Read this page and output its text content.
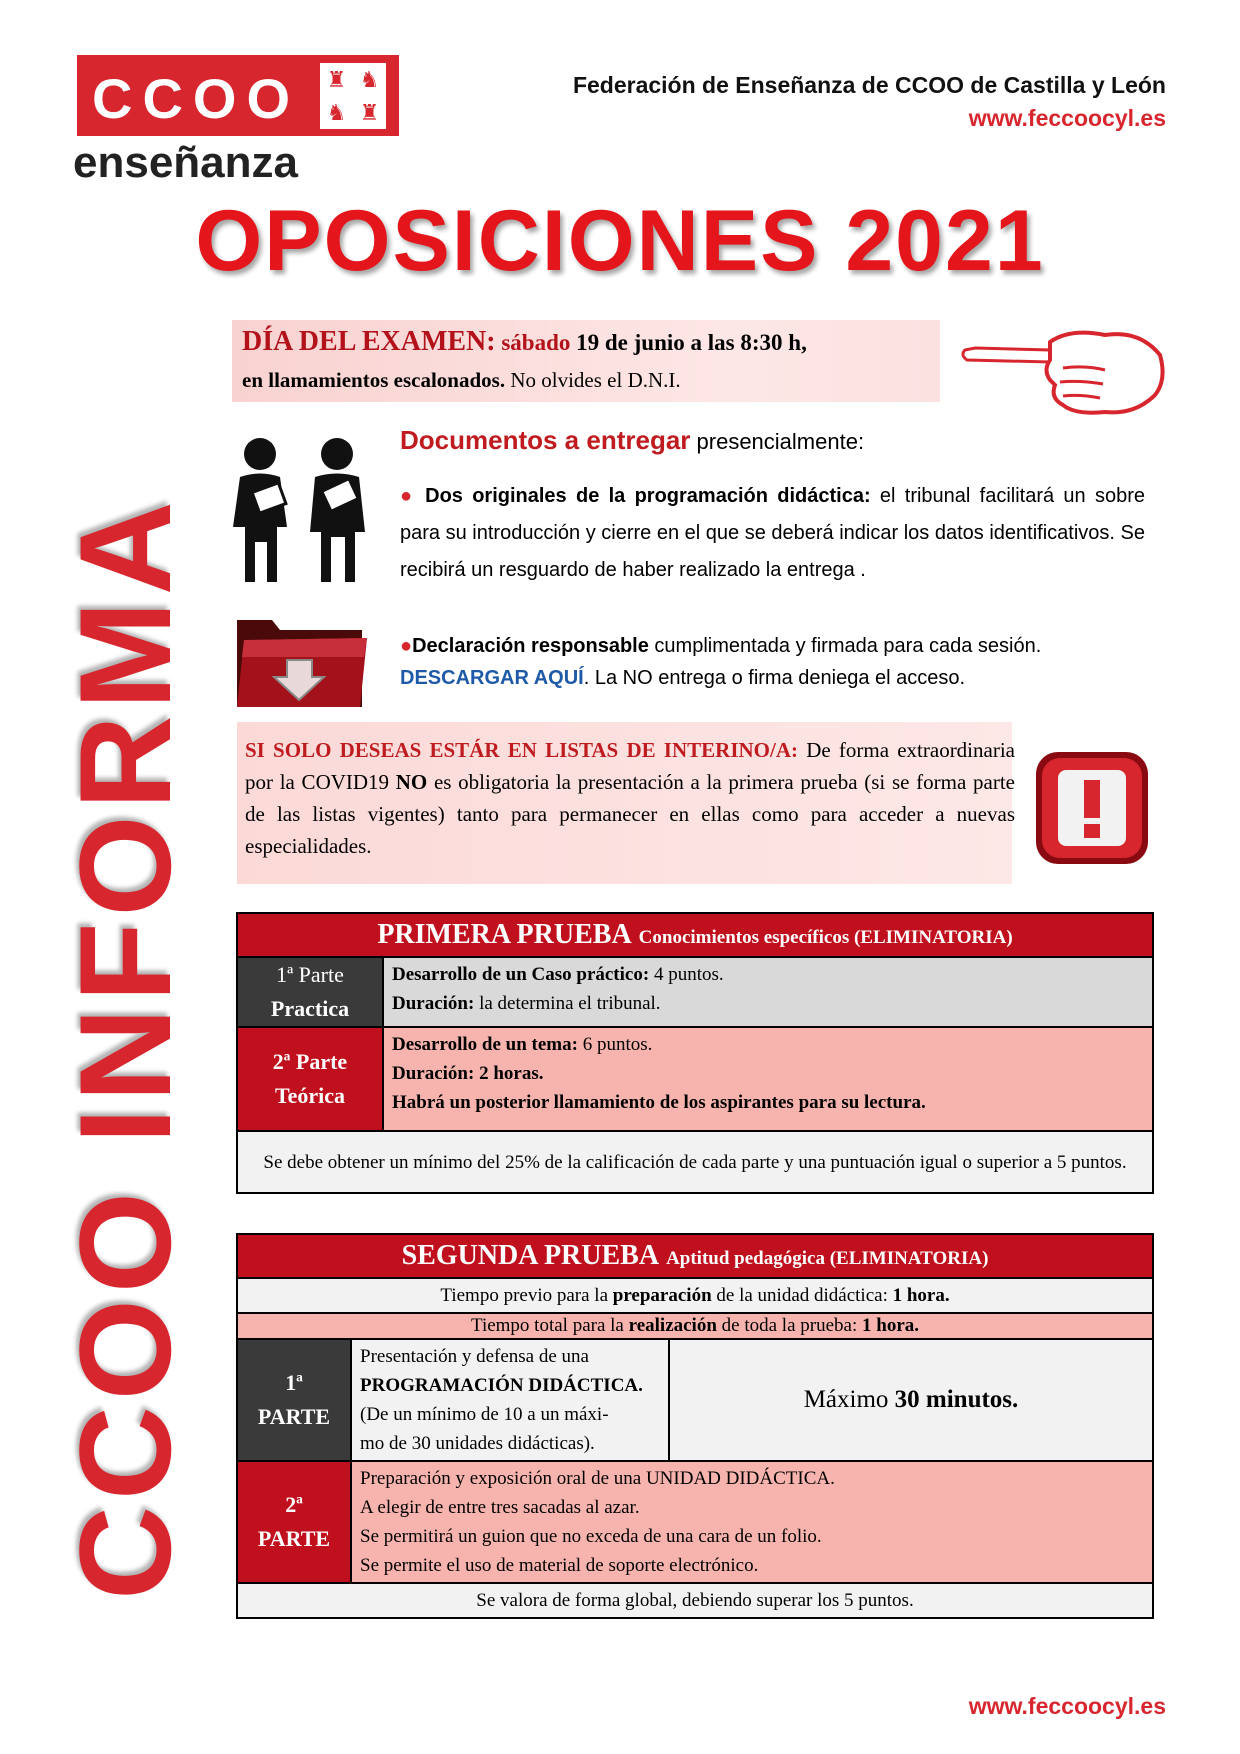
CCOO	♜ ♞
♞ ♜
enseñanza
Federación de Enseñanza de CCOO de Castilla y León
www.feccoocyl.es
OPOSICIONES 2021
CCOO INFORMA
DÍA DEL EXAMEN: sábado 19 de junio a las 8:30 h,
en llamamientos escalonados. No olvides el D.N.I.
Documentos a entregar presencialmente:
● Dos originales de la programación didáctica: el tribunal facilitará un sobre para su introducción y cierre en el que se deberá indicar los datos identificativos. Se recibirá un resguardo de haber realizado la entrega .
●Declaración responsable cumplimentada y firmada para cada sesión.
DESCARGAR AQUÍ. La NO entrega o firma deniega el acceso.
SI SOLO DESEAS ESTÁR EN LISTAS DE INTERINO/A: De forma extraordinaria por la COVID19 NO es obligatoria la presentación a la primera prueba (si se forma parte de las listas vigentes) tanto para permanecer en ellas como para acceder a nuevas especialidades.
PRIMERA PRUEBA Conocimientos específicos (ELIMINATORIA)	
1ª Parte
Practica	Desarrollo de un Caso práctico: 4 puntos.
Duración: la determina el tribunal.
2ª Parte
Teórica	Desarrollo de un tema: 6 puntos.
Duración: 2 horas.
Habrá un posterior llamamiento de los aspirantes para su lectura.
Se debe obtener un mínimo del 25% de la calificación de cada parte y una puntuación igual o superior a 5 puntos.	
SEGUNDA PRUEBA Aptitud pedagógica (ELIMINATORIA)		
Tiempo previo para la preparación de la unidad didáctica: 1 hora.		
Tiempo total para la realización de toda la prueba: 1 hora.		
1ª
PARTE	Presentación y defensa de una
PROGRAMACIÓN DIDÁCTICA.
(De un mínimo de 10 a un máxi-
mo de 30 unidades didácticas).	Máximo 30 minutos.
2ª
PARTE	Preparación y exposición oral de una UNIDAD DIDÁCTICA.
A elegir de entre tres sacadas al azar.
Se permitirá un guion que no exceda de una cara de un folio.
Se permite el uso de material de soporte electrónico.	
Se valora de forma global, debiendo superar los 5 puntos.		
www.feccoocyl.es
